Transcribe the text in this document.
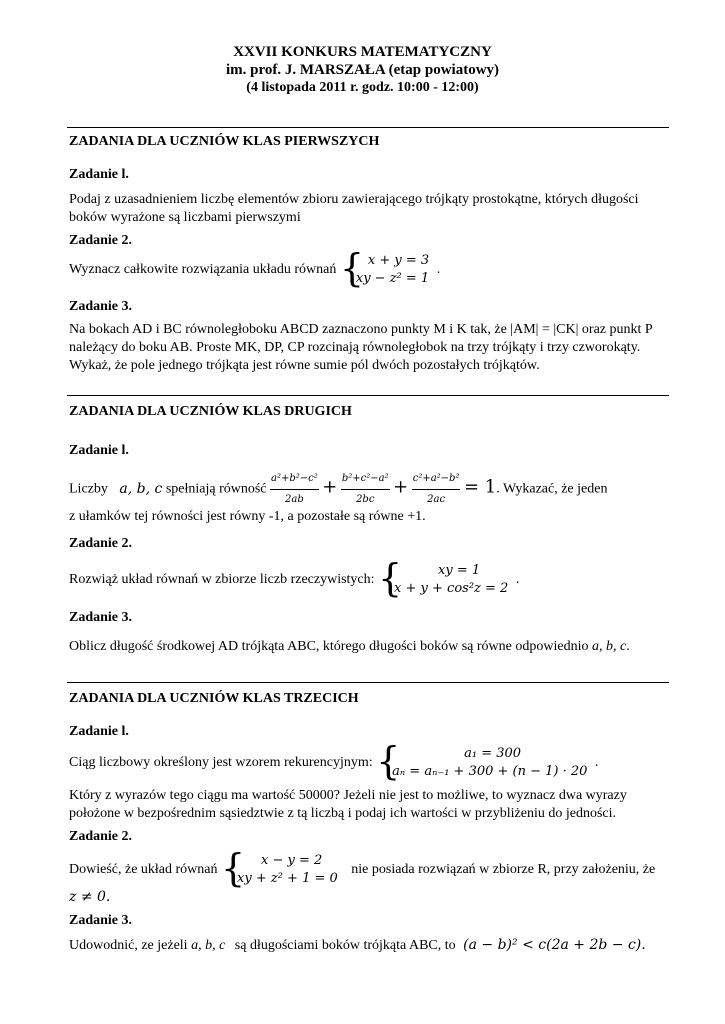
XXVII KONKURS MATEMATYCZNY
im. prof. J. MARSZAŁA (etap powiatowy)
(4 listopada 2011 r. godz. 10:00 - 12:00)
ZADANIA DLA UCZNIÓW KLAS PIERWSZYCH
Zadanie l.
Podaj z uzasadnieniem liczbę elementów zbioru zawierającego trójkąty prostokątne, których długości boków wyrażone są liczbami pierwszymi
Zadanie 2.
Wyznacz całkowite rozwiązania układu równań { x + y = 3
xy − z² = 1
.
Zadanie 3.
Na bokach AD i BC równoległoboku ABCD zaznaczono punkty M i K tak, że |AM| = |CK| oraz punkt P należący do boku AB. Proste MK, DP, CP rozcinają równoległobok na trzy trójkąty i trzy czworokąty. Wykaż, że pole jednego trójkąta jest równe sumie pól dwóch pozostałych trójkątów.
ZADANIA DLA UCZNIÓW KLAS DRUGICH
Zadanie l.
Liczby a, b, c spełniają równość $\frac{\text{a²+b²−c²}}{2ab} + \frac{\text{b²+c²−a²}}{2bc} + \frac{\text{c²+a²−b²}}{2ac} = 1$. Wykazać, że jeden
z ułamków tej równości jest równy -1, a pozostałe są równe +1.
Zadanie 2.
Rozwiąż układ równań w zbiorze liczb rzeczywistych: {	xy = 1
x + y + cos²z = 2
.
Zadanie 3.
Oblicz długość środkowej AD trójkąta ABC, którego długości boków są równe odpowiednio a, b, c.
ZADANIA DLA UCZNIÓW KLAS TRZECICH
Zadanie l.
Ciąg liczbowy określony jest wzorem rekurencyjnym: {	a₁ = 300
aₙ = aₙ₋₁ + 300 + (n − 1) · 20
.
Który z wyrazów tego ciągu ma wartość 50000? Jeżeli nie jest to możliwe, to wyznacz dwa wyrazy położone w bezpośrednim sąsiedztwie z tą liczbą i podaj ich wartości w przybliżeniu do jedności.
Zadanie 2.
Dowieść, że układ równań {	x − y = 2
xy + z² + 1 = 0
nie posiada rozwiązań w zbiorze R, przy założeniu, że
z ≠ 0.
Zadanie 3.
Udowodnić, ze jeżeli a, b, c są długościami boków trójkąta ABC, to (a − b)² < c(2a + 2b − c).
